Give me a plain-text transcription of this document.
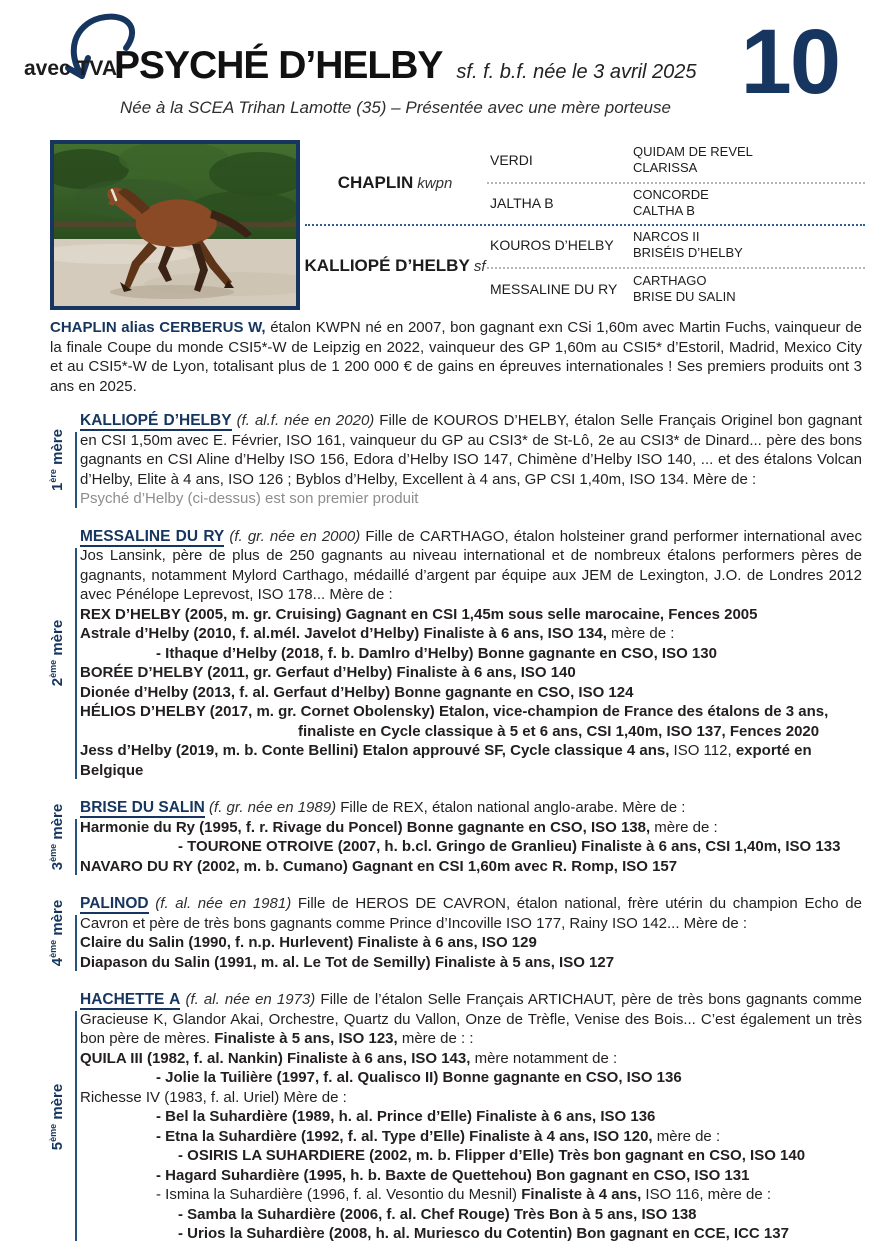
avec TVA
PSYCHÉ D’HELBY sf. f. b.f. née le 3 avril 2025
Née à la SCEA Trihan Lamotte (35) – Présentée avec une mère porteuse 10
CHAPLIN kwpn
KALLIOPÉ D’HELBY sf
VERDI
JALTHA B
KOUROS D’HELBY
MESSALINE DU RY
QUIDAM DE REVEL
CLARISSA
CONCORDE
CALTHA B
NARCOS II
BRISÉIS D’HELBY
CARTHAGO
BRISE DU SALIN

CHAPLIN alias CERBERUS W, étalon KWPN né en 2007, bon gagnant exn CSi 1,60m avec Martin Fuchs, vainqueur de la finale Coupe du monde CSI5*-W de Leipzig en 2022, vainqueur des GP 1,60m au CSI5* d’Estoril, Madrid, Mexico City et au CSI5*-W de Lyon, totalisant plus de 1 200 000 € de gains en épreuves internationales ! Ses premiers produits ont 3 ans en 2025.

1ère mère

KALLIOPÉ D’HELBY (f. al.f. née en 2020) Fille de KOUROS D’HELBY, étalon Selle Français Originel bon gagnant en CSI 1,50m avec E. Février, ISO 161, vainqueur du GP au CSI3* de St-Lô, 2e au CSI3* de Dinard... père des bons gagnants en CSI Aline d’Helby ISO 156, Edora d’Helby ISO 147, Chimène d’Helby ISO 140, ... et des étalons Volcan d’Helby, Elite à 4 ans, ISO 126 ; Byblos d’Helby, Excellent à 4 ans, GP CSI 1,40m, ISO 134. Mère de :

Psyché d’Helby (ci-dessus) est son premier produit
2ème mère

MESSALINE DU RY (f. gr. née en 2000) Fille de CARTHAGO, étalon holsteiner grand performer international avec Jos Lansink, père de plus de 250 gagnants au niveau international et de nombreux étalons performers pères de gagnants, notamment Mylord Carthago, médaillé d’argent par équipe aux JEM de Lexington, J.O. de Londres 2012 avec Pénélope Leprevost, ISO 178... Mère de :

REX D’HELBY (2005, m. gr. Cruising) Gagnant en CSI 1,45m sous selle marocaine, Fences 2005
Astrale d’Helby (2010, f. al.mél. Javelot d’Helby) Finaliste à 6 ans, ISO 134, mère de :
- Ithaque d’Helby (2018, f. b. Damlro d’Helby) Bonne gagnante en CSO, ISO 130
BORÉE D’HELBY (2011, gr. Gerfaut d’Helby) Finaliste à 6 ans, ISO 140
Dionée d’Helby (2013, f. al. Gerfaut d’Helby) Bonne gagnante en CSO, ISO 124
HÉLIOS D’HELBY (2017, m. gr. Cornet Obolensky) Etalon, vice-champion de France des étalons de 3 ans,
finaliste en Cycle classique à 5 et 6 ans, CSI 1,40m, ISO 137, Fences 2020
Jess d’Helby (2019, m. b. Conte Bellini) Etalon approuvé SF, Cycle classique 4 ans, ISO 112, exporté en Belgique
3ème mère BRISE DU SALIN (f. gr. née en 1989) Fille de REX, étalon national anglo-arabe. Mère de :

Harmonie du Ry (1995, f. r. Rivage du Poncel) Bonne gagnante en CSO, ISO 138, mère de :
- TOURONE OTROIVE (2007, h. b.cl. Gringo de Granlieu) Finaliste à 6 ans, CSI 1,40m, ISO 133
NAVARO DU RY (2002, m. b. Cumano) Gagnant en CSI 1,60m avec R. Romp, ISO 157
4ème mère PALINOD (f. al. née en 1981) Fille de HEROS DE CAVRON, étalon national, frère utérin du champion Echo de Cavron et père de très bons gagnants comme Prince d’Incoville ISO 177, Rainy ISO 142... Mère de :

Claire du Salin (1990, f. n.p. Hurlevent) Finaliste à 6 ans, ISO 129
Diapason du Salin (1991, m. al. Le Tot de Semilly) Finaliste à 5 ans, ISO 127
5ème mère

HACHETTE A (f. al. née en 1973) Fille de l’étalon Selle Français ARTICHAUT, père de très bons gagnants comme Gracieuse K, Glandor Akai, Orchestre, Quartz du Vallon, Onze de Trèfle, Venise des Bois... C’est également un très bon père de mères. Finaliste à 5 ans, ISO 123, mère de : :

QUILA III (1982, f. al. Nankin) Finaliste à 6 ans, ISO 143, mère notamment de :
- Jolie la Tuilière (1997, f. al. Qualisco II) Bonne gagnante en CSO, ISO 136
Richesse IV (1983, f. al. Uriel) Mère de :
- Bel la Suhardière (1989, h. al. Prince d’Elle) Finaliste à 6 ans, ISO 136
- Etna la Suhardière (1992, f. al. Type d’Elle) Finaliste à 4 ans, ISO 120, mère de :
- OSIRIS LA SUHARDIERE (2002, m. b. Flipper d’Elle) Très bon gagnant en CSO, ISO 140
- Hagard Suhardière (1995, h. b. Baxte de Quettehou) Bon gagnant en CSO, ISO 131
- Ismina la Suhardière (1996, f. al. Vesontio du Mesnil) Finaliste à 4 ans, ISO 116, mère de :
- Samba la Suhardière (2006, f. al. Chef Rouge) Très Bon à 5 ans, ISO 138
- Urios la Suhardière (2008, h. al. Muriesco du Cotentin) Bon gagnant en CCE, ICC 137
